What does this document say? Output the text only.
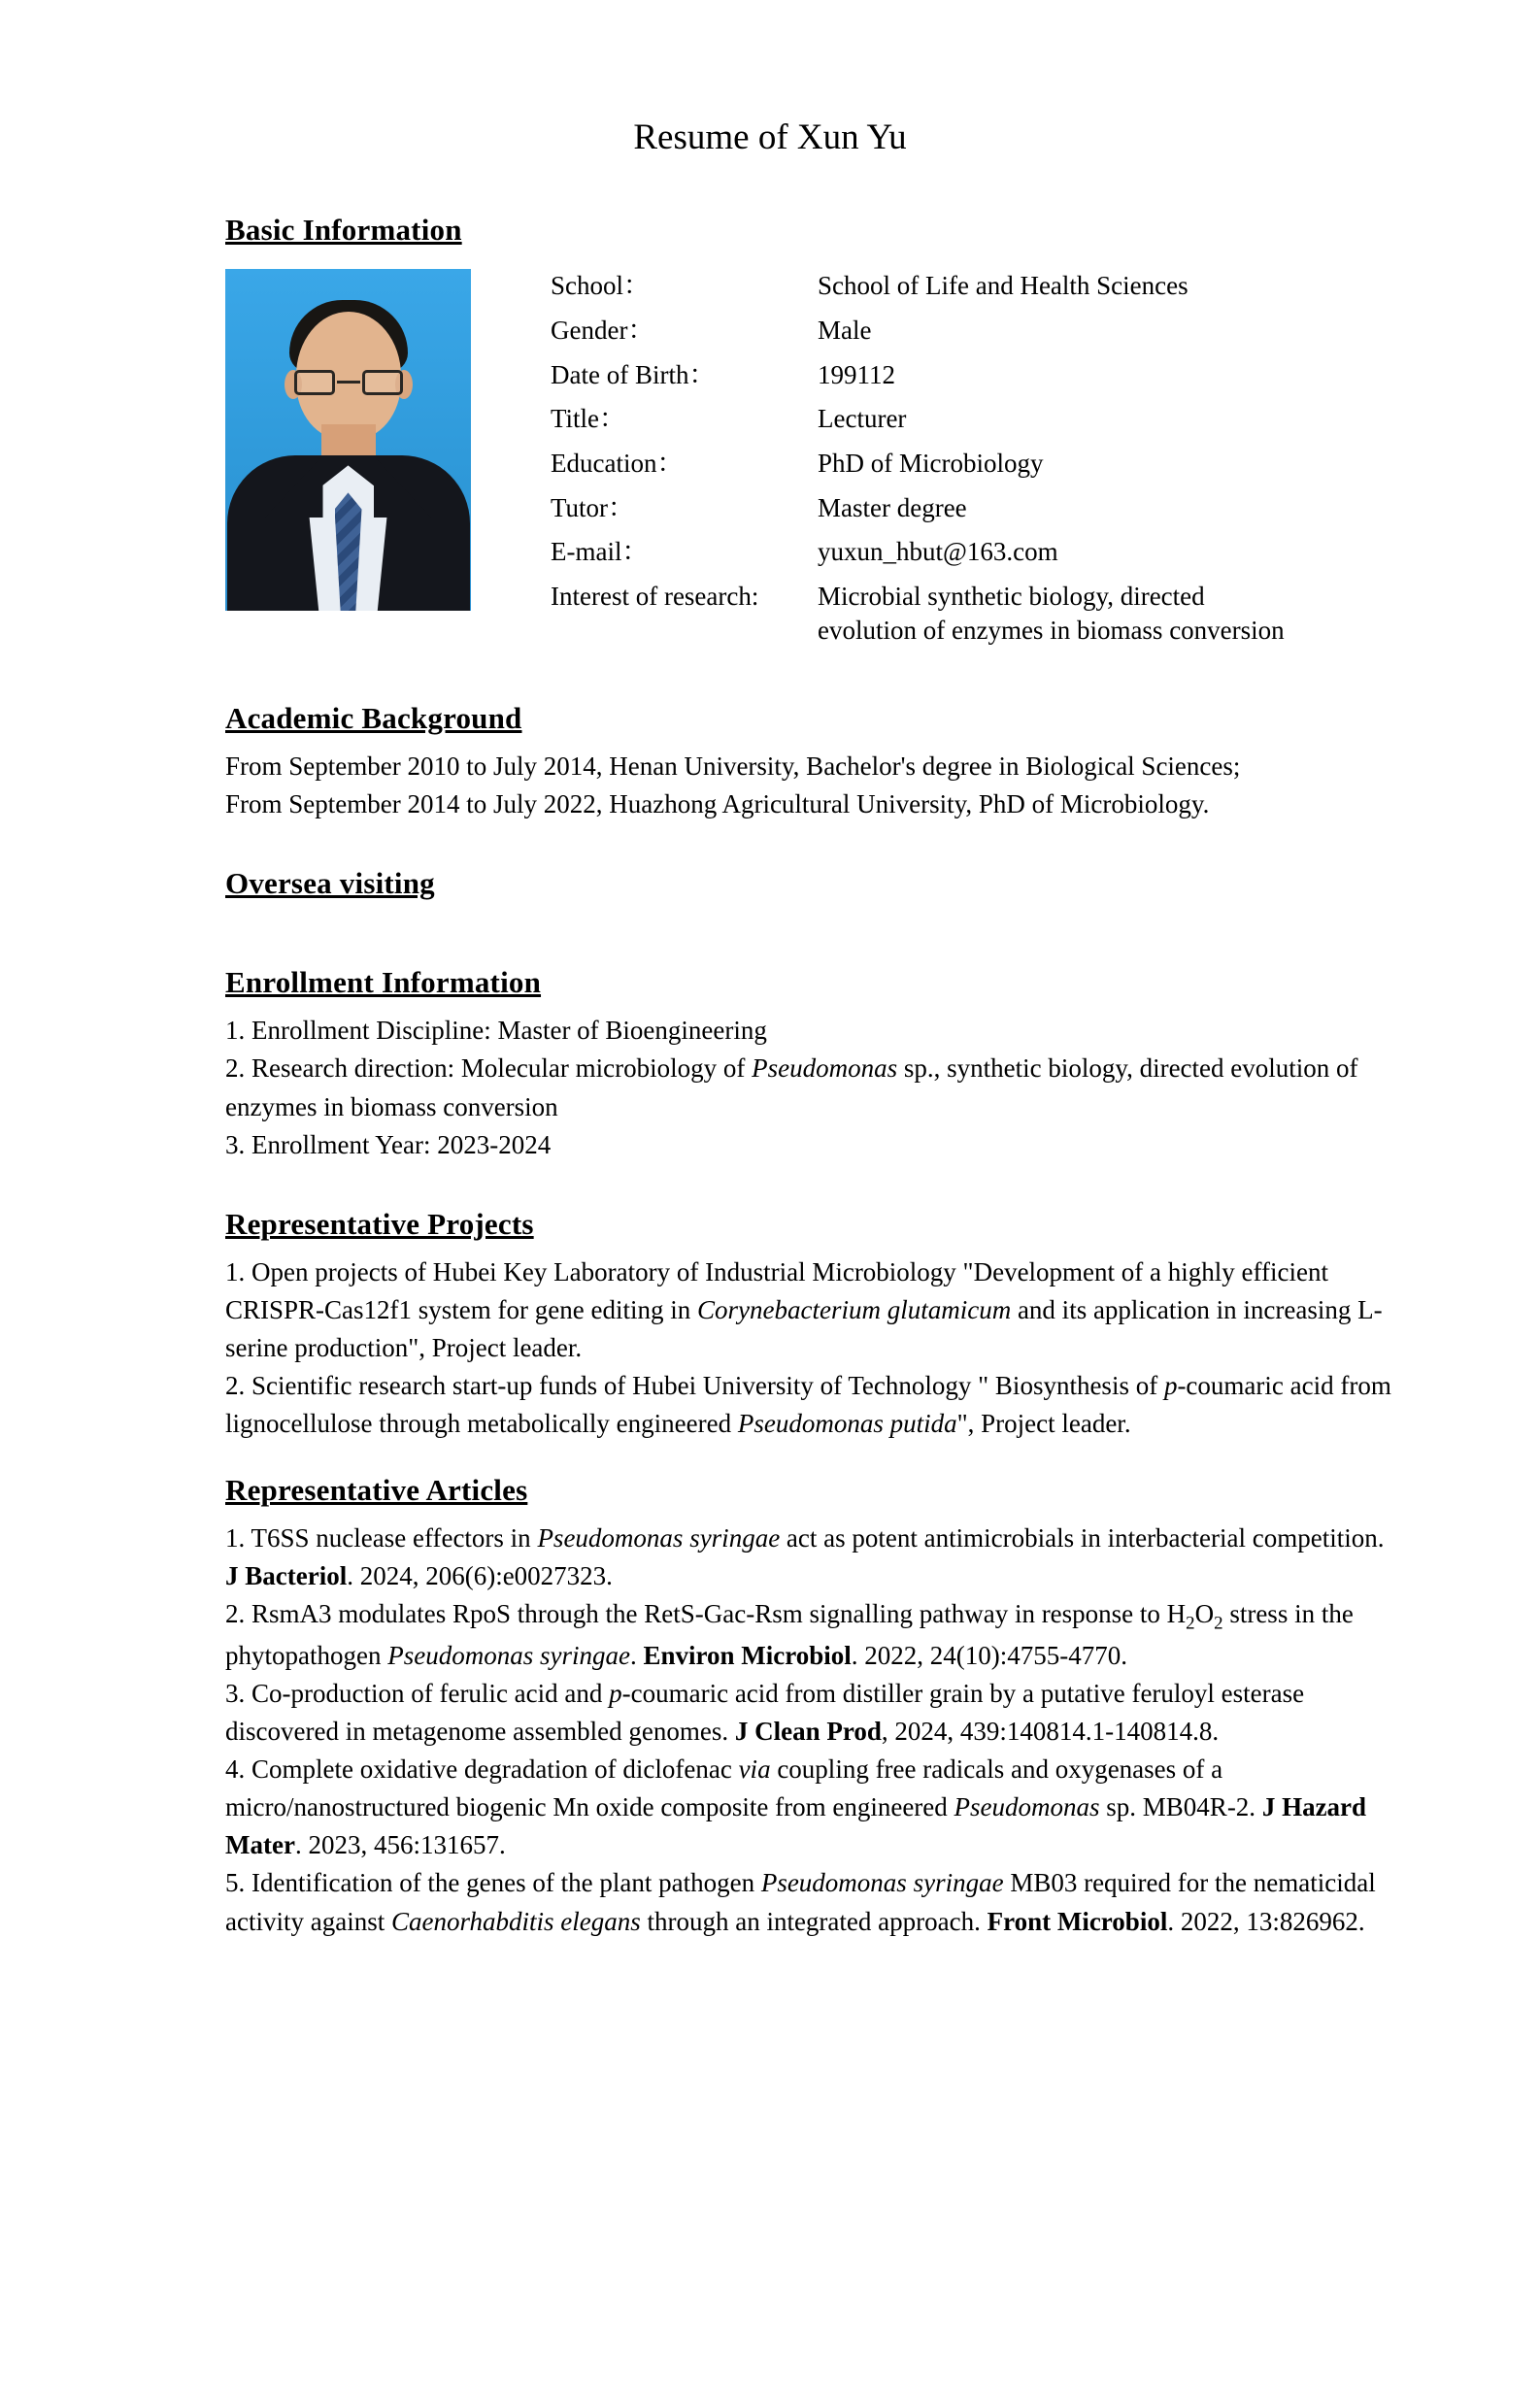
Resume of Xun Yu
Basic Information
School：	School of Life and Health Sciences
Gender：	Male
Date of Birth：	199112
Title：	Lecturer
Education：	PhD of Microbiology
Tutor：	Master degree
E-mail：	yuxun_hbut@163.com
Interest of research:	Microbial synthetic biology, directed evolution of enzymes in biomass conversion
Academic Background

From September 2010 to July 2014, Henan University, Bachelor's degree in Biological Sciences;

From September 2014 to July 2022, Huazhong Agricultural University, PhD of Microbiology.

Oversea visiting
Enrollment Information

1. Enrollment Discipline: Master of Bioengineering

2. Research direction: Molecular microbiology of Pseudomonas sp., synthetic biology, directed evolution of enzymes in biomass conversion

3. Enrollment Year: 2023-2024

Representative Projects

1. Open projects of Hubei Key Laboratory of Industrial Microbiology "Development of a highly efficient CRISPR-Cas12f1 system for gene editing in Corynebacterium glutamicum and its application in increasing L-serine production", Project leader.

2. Scientific research start-up funds of Hubei University of Technology " Biosynthesis of p-coumaric acid from lignocellulose through metabolically engineered Pseudomonas putida", Project leader.

Representative Articles

1. T6SS nuclease effectors in Pseudomonas syringae act as potent antimicrobials in interbacterial competition. J Bacteriol. 2024, 206(6):e0027323.

2. RsmA3 modulates RpoS through the RetS-Gac-Rsm signalling pathway in response to $H_2O_2$ stress in the phytopathogen Pseudomonas syringae. Environ Microbiol. 2022, 24(10):4755-4770.

3. Co-production of ferulic acid and p-coumaric acid from distiller grain by a putative feruloyl esterase discovered in metagenome assembled genomes. J Clean Prod, 2024, 439:140814.1-140814.8.

4. Complete oxidative degradation of diclofenac via coupling free radicals and oxygenases of a micro/nanostructured biogenic Mn oxide composite from engineered Pseudomonas sp. MB04R-2. J Hazard Mater. 2023, 456:131657.

5. Identification of the genes of the plant pathogen Pseudomonas syringae MB03 required for the nematicidal activity against Caenorhabditis elegans through an integrated approach. Front Microbiol. 2022, 13:826962.
